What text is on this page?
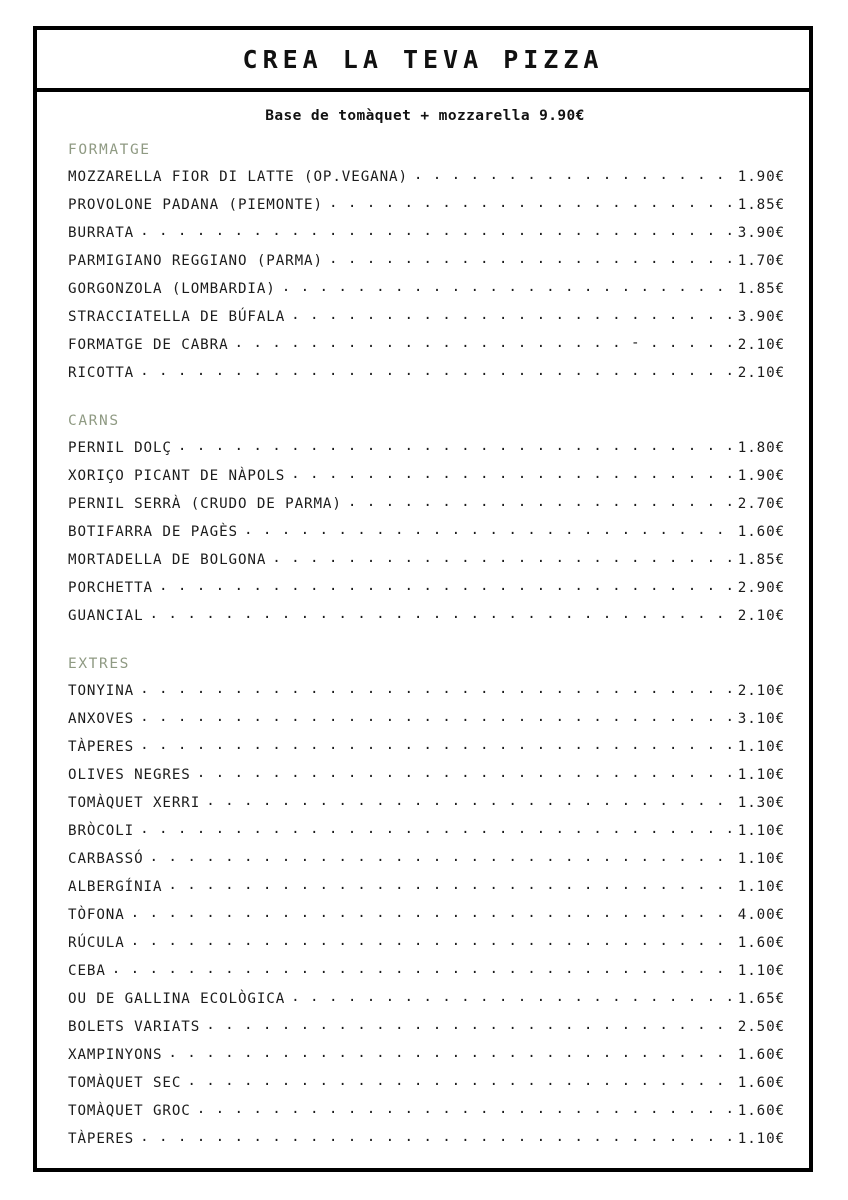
CREA LA TEVA PIZZA
Base de tomàquet + mozzarella 9.90€
FORMATGE
MOZZARELLA FIOR DI LATTE (OP.VEGANA) . . .	1.90€
PROVOLONE PADANA (PIEMONTE) . . .	1.85€
BURRATA . . .	3.90€
PARMIGIANO REGGIANO (PARMA) . . .	1.70€
GORGONZOLA (LOMBARDIA) . . .	1.85€
STRACCIATELLA DE BÚFALA . . .	3.90€
FORMATGE DE CABRA . . .	2.10€
RICOTTA . . .	2.10€
CARNS
PERNIL DOLÇ . . .	1.80€
XORIÇO PICANT DE NÀPOLS . . .	1.90€
PERNIL SERRÀ (CRUDO DE PARMA) . . .	2.70€
BOTIFARRA DE PAGÈS . . .	1.60€
MORTADELLA DE BOLGONA . . .	1.85€
PORCHETTA . . .	2.90€
GUANCIAL . . .	2.10€
EXTRES
TONYINA . . .	2.10€
ANXOVES . . .	3.10€
TÀPERES . . .	1.10€
OLIVES NEGRES . . .	1.10€
TOMÀQUET XERRI . . .	1.30€
BRÒCOLI . . .	1.10€
CARBASSÓ . . .	1.10€
ALBERGÍNIA . . .	1.10€
TÒFONA . . .	4.00€
RÚCULA . . .	1.60€
CEBA . . .	1.10€
OU DE GALLINA ECOLÒGICA . . .	1.65€
BOLETS VARIATS . . .	2.50€
XAMPINYONS . . .	1.60€
TOMÀQUET SEC . . .	1.60€
TOMÀQUET GROC . . .	1.60€
TÀPERES . . .	1.10€
